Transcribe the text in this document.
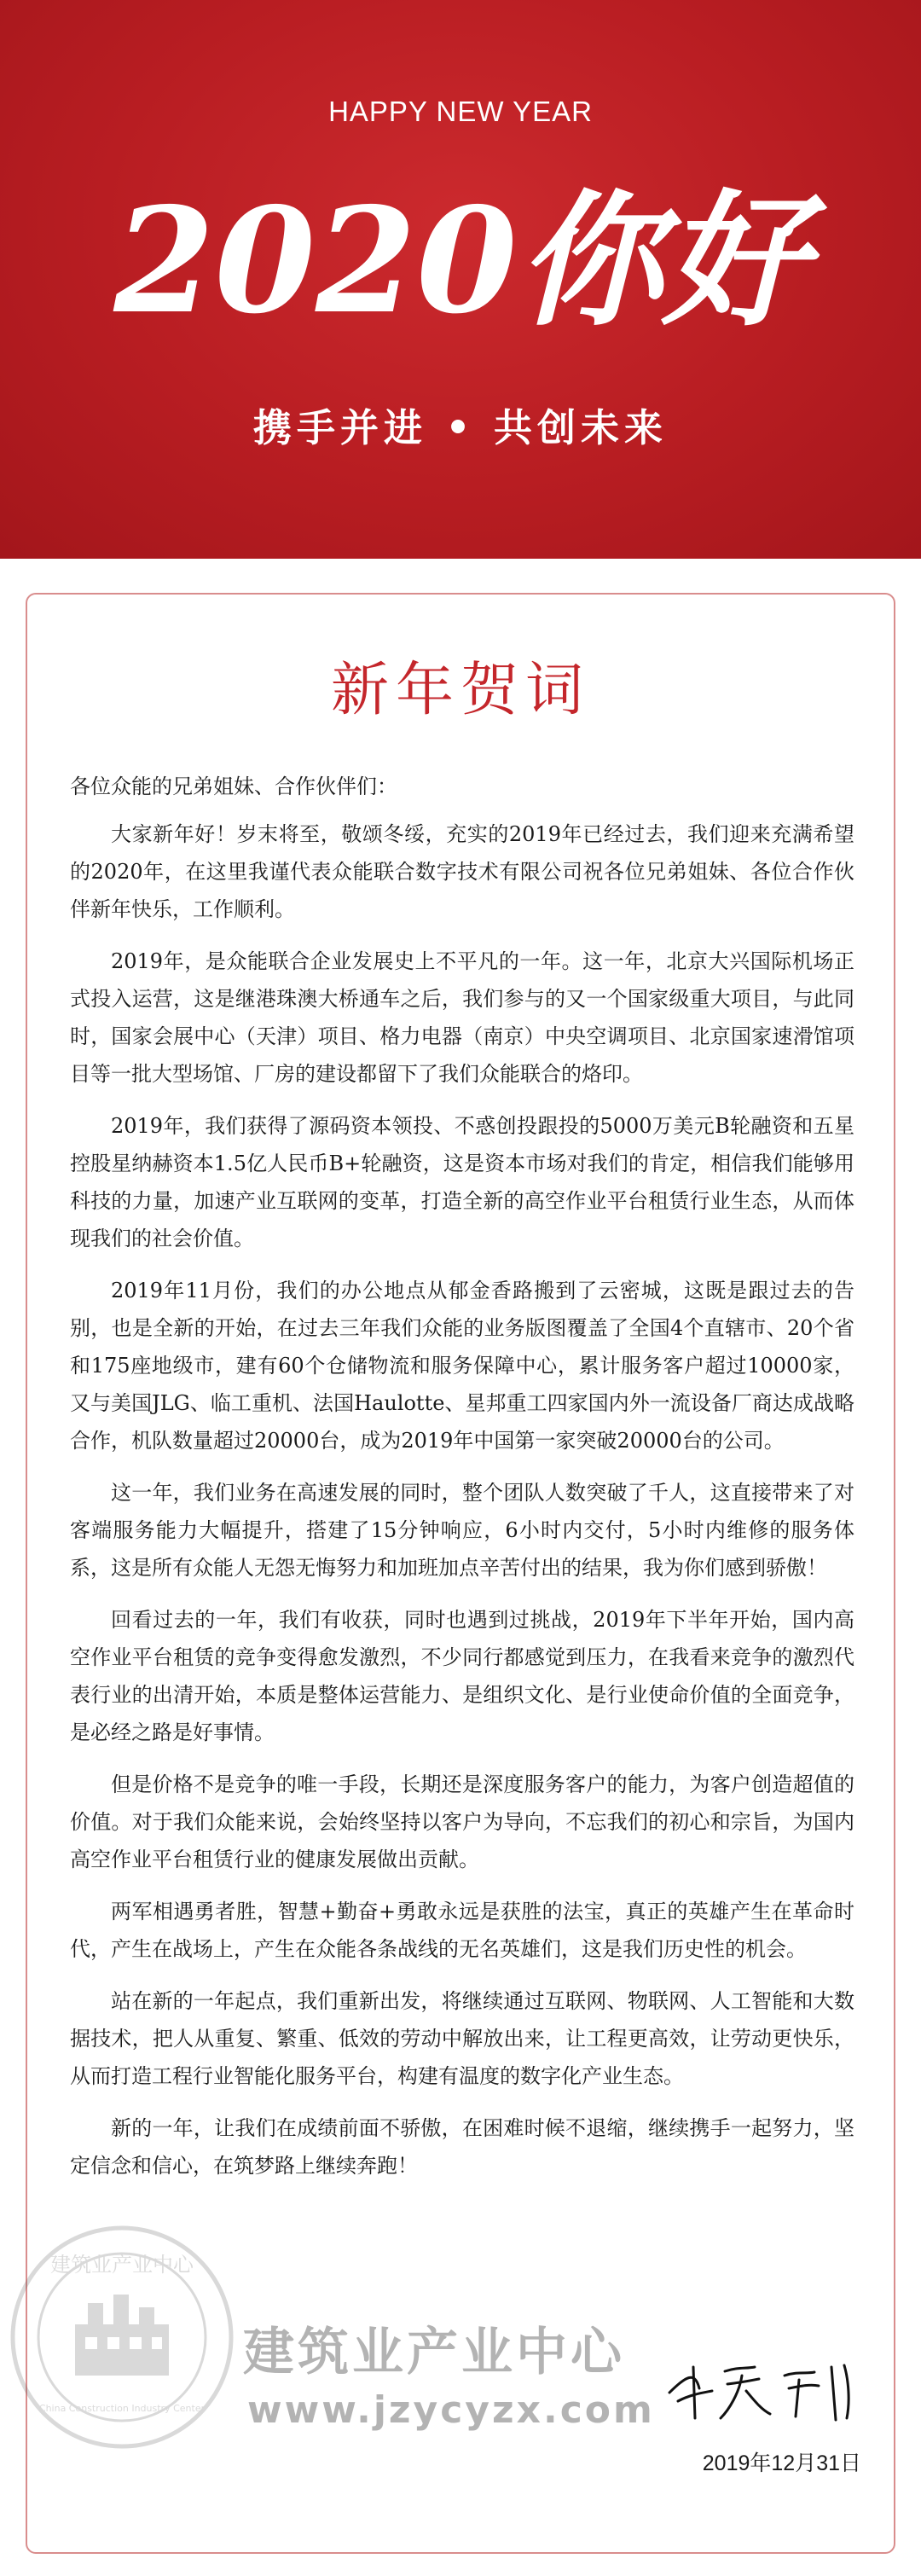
HAPPY NEW YEAR
2020你好
携手并进 • 共创未来
新年贺词

各位众能的兄弟姐妹、合作伙伴们：

大家新年好！岁末将至，敬颂冬绥，充实的2019年已经过去，我们迎来充满希望的2020年，在这里我谨代表众能联合数字技术有限公司祝各位兄弟姐妹、各位合作伙伴新年快乐，工作顺利。

2019年，是众能联合企业发展史上不平凡的一年。这一年，北京大兴国际机场正式投入运营，这是继港珠澳大桥通车之后，我们参与的又一个国家级重大项目，与此同时，国家会展中心（天津）项目、格力电器（南京）中央空调项目、北京国家速滑馆项目等一批大型场馆、厂房的建设都留下了我们众能联合的烙印。

2019年，我们获得了源码资本领投、不惑创投跟投的5000万美元B轮融资和五星控股星纳赫资本1.5亿人民币B+轮融资，这是资本市场对我们的肯定，相信我们能够用科技的力量，加速产业互联网的变革，打造全新的高空作业平台租赁行业生态，从而体现我们的社会价值。

2019年11月份，我们的办公地点从郁金香路搬到了云密城，这既是跟过去的告别，也是全新的开始，在过去三年我们众能的业务版图覆盖了全国4个直辖市、20个省和175座地级市，建有60个仓储物流和服务保障中心，累计服务客户超过10000家，又与美国JLG、临工重机、法国Haulotte、星邦重工四家国内外一流设备厂商达成战略合作，机队数量超过20000台，成为2019年中国第一家突破20000台的公司。

这一年，我们业务在高速发展的同时，整个团队人数突破了千人，这直接带来了对客端服务能力大幅提升，搭建了15分钟响应，6小时内交付，5小时内维修的服务体系，这是所有众能人无怨无悔努力和加班加点辛苦付出的结果，我为你们感到骄傲！

回看过去的一年，我们有收获，同时也遇到过挑战，2019年下半年开始，国内高空作业平台租赁的竞争变得愈发激烈，不少同行都感觉到压力，在我看来竞争的激烈代表行业的出清开始，本质是整体运营能力、是组织文化、是行业使命价值的全面竞争，是必经之路是好事情。

但是价格不是竞争的唯一手段，长期还是深度服务客户的能力，为客户创造超值的价值。对于我们众能来说，会始终坚持以客户为导向，不忘我们的初心和宗旨，为国内高空作业平台租赁行业的健康发展做出贡献。

两军相遇勇者胜，智慧+勤奋+勇敢永远是获胜的法宝，真正的英雄产生在革命时代，产生在战场上，产生在众能各条战线的无名英雄们，这是我们历史性的机会。

站在新的一年起点，我们重新出发，将继续通过互联网、物联网、人工智能和大数据技术，把人从重复、繁重、低效的劳动中解放出来，让工程更高效，让劳动更快乐，从而打造工程行业智能化服务平台，构建有温度的数字化产业生态。

新的一年，让我们在成绩前面不骄傲，在困难时候不退缩，继续携手一起努力，坚定信念和信心，在筑梦路上继续奔跑！

建筑业产业中心
China Construction Industry Center
建筑业产业中心
www.jzycyzx.com
2019年12月31日
